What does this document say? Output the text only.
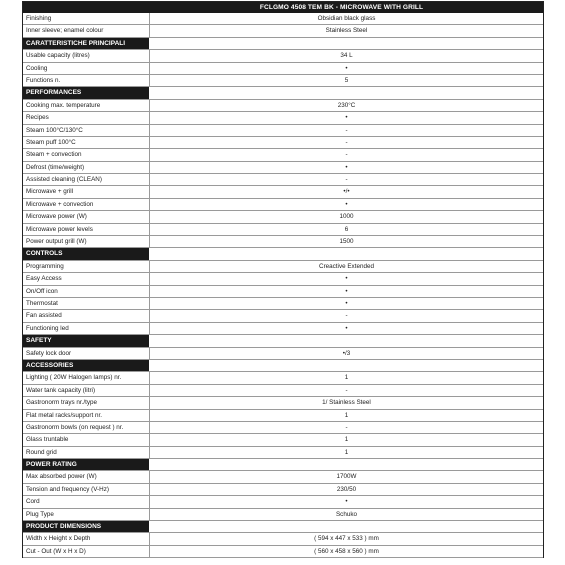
FCLGMO 4508 TEM BK - MICROWAVE WITH GRILL
Finishing	Obsidian black glass
Inner sleeve; enamel colour	Stainless Steel
CARATTERISTICHE PRINCIPALI
Usable capacity (litres)	34 L
Cooling	•
Functions n.	5
PERFORMANCES
Cooking max. temperature	230°C
Recipes	•
Steam 100°C/130°C	-
Steam puff 100°C	-
Steam + convection	-
Defrost (time/weight)	•
Assisted cleaning (CLEAN)	-
Microwave + grill	•/•
Microwave + convection	•
Microwave power (W)	1000
Microwave power levels	6
Power output grill (W)	1500
CONTROLS
Programming	Creactive Extended
Easy Access	•
On/Off icon	•
Thermostat	•
Fan assisted	-
Functioning led	•
SAFETY
Safety lock door	•/3
ACCESSORIES
Lighting ( 20W Halogen lamps) nr.	1
Water tank capacity (litri)	-
Gastronorm trays nr./type	1/ Stainless Steel
Flat metal racks/support nr.	1
Gastronorm bowls (on request ) nr.	-
Glass truntable	1
Round grid	1
POWER RATING
Max absorbed power (W)	1700W
Tension and frequency (V-Hz)	230/50
Cord	•
Plug Type	Schuko
PRODUCT DIMENSIONS
Width x Height x Depth	( 594 x 447 x 533 ) mm
Cut - Out (W x H x D)	( 560 x 458 x 560 ) mm
